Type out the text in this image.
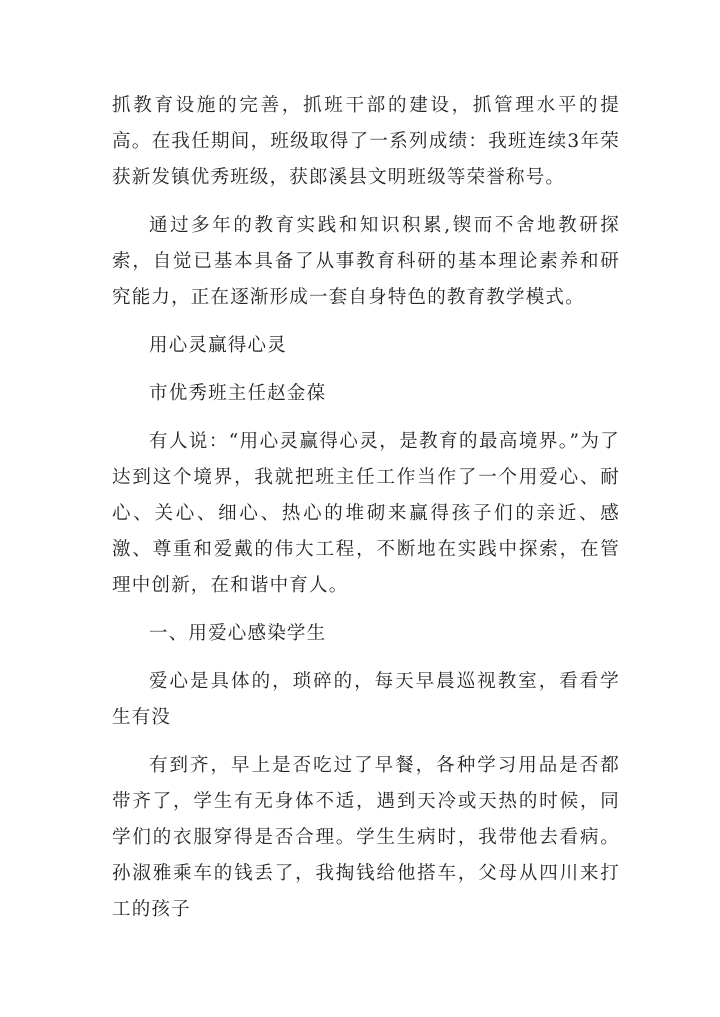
抓教育设施的完善，抓班干部的建设，抓管理水平的提高。在我任期间，班级取得了一系列成绩：我班连续3年荣获新发镇优秀班级，获郎溪县文明班级等荣誉称号。

通过多年的教育实践和知识积累,锲而不舍地教研探索，自觉已基本具备了从事教育科研的基本理论素养和研究能力，正在逐渐形成一套自身特色的教育教学模式。

用心灵赢得心灵

市优秀班主任赵金葆

有人说：“用心灵赢得心灵，是教育的最高境界。”为了达到这个境界，我就把班主任工作当作了一个用爱心、耐心、关心、细心、热心的堆砌来赢得孩子们的亲近、感激、尊重和爱戴的伟大工程，不断地在实践中探索，在管理中创新，在和谐中育人。

一、用爱心感染学生

爱心是具体的，琐碎的，每天早晨巡视教室，看看学生有没

有到齐，早上是否吃过了早餐，各种学习用品是否都带齐了，学生有无身体不适，遇到天冷或天热的时候，同学们的衣服穿得是否合理。学生生病时，我带他去看病。孙淑雅乘车的钱丢了，我掏钱给他搭车，父母从四川来打工的孩子
